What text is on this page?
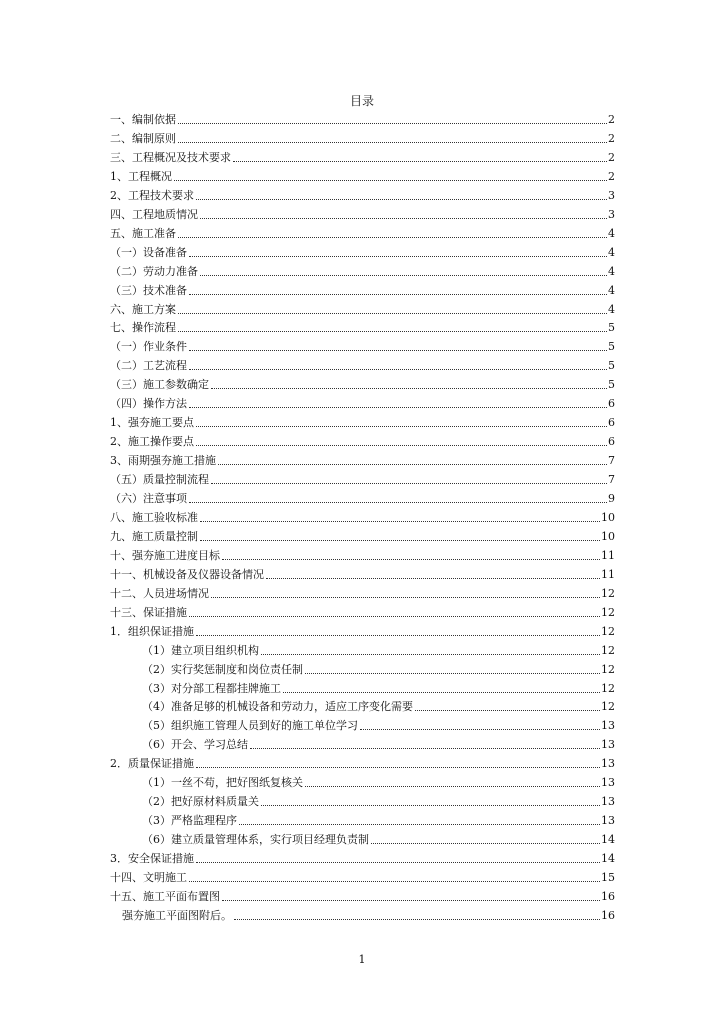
目录
一、编制依据	2
二、编制原则	2
三、工程概况及技术要求	2
1、工程概况	2
2、工程技术要求	3
四、工程地质情况	3
五、施工准备	4
（一）设备准备	4
（二）劳动力准备	4
（三）技术准备	4
六、施工方案	4
七、操作流程	5
（一）作业条件	5
（二）工艺流程	5
（三）施工参数确定	5
（四）操作方法	6
1、强夯施工要点	6
2、施工操作要点	6
3、雨期强夯施工措施	7
（五）质量控制流程	7
（六）注意事项	9
八、施工验收标准	10
九、施工质量控制	10
十、强夯施工进度目标	11
十一、机械设备及仪器设备情况	11
十二、人员进场情况	12
十三、保证措施	12
1．组织保证措施	12
（1）建立项目组织机构	12
（2）实行奖惩制度和岗位责任制	12
（3）对分部工程都挂牌施工	12
（4）准备足够的机械设备和劳动力，适应工序变化需要	12
（5）组织施工管理人员到好的施工单位学习	13
（6）开会、学习总结	13
2．质量保证措施	13
（1）一丝不苟，把好图纸复核关	13
（2）把好原材料质量关	13
（3）严格监理程序	13
（6）建立质量管理体系，实行项目经理负责制	14
3．安全保证措施	14
十四、文明施工	15
十五、施工平面布置图	16
强夯施工平面图附后。	16
1
